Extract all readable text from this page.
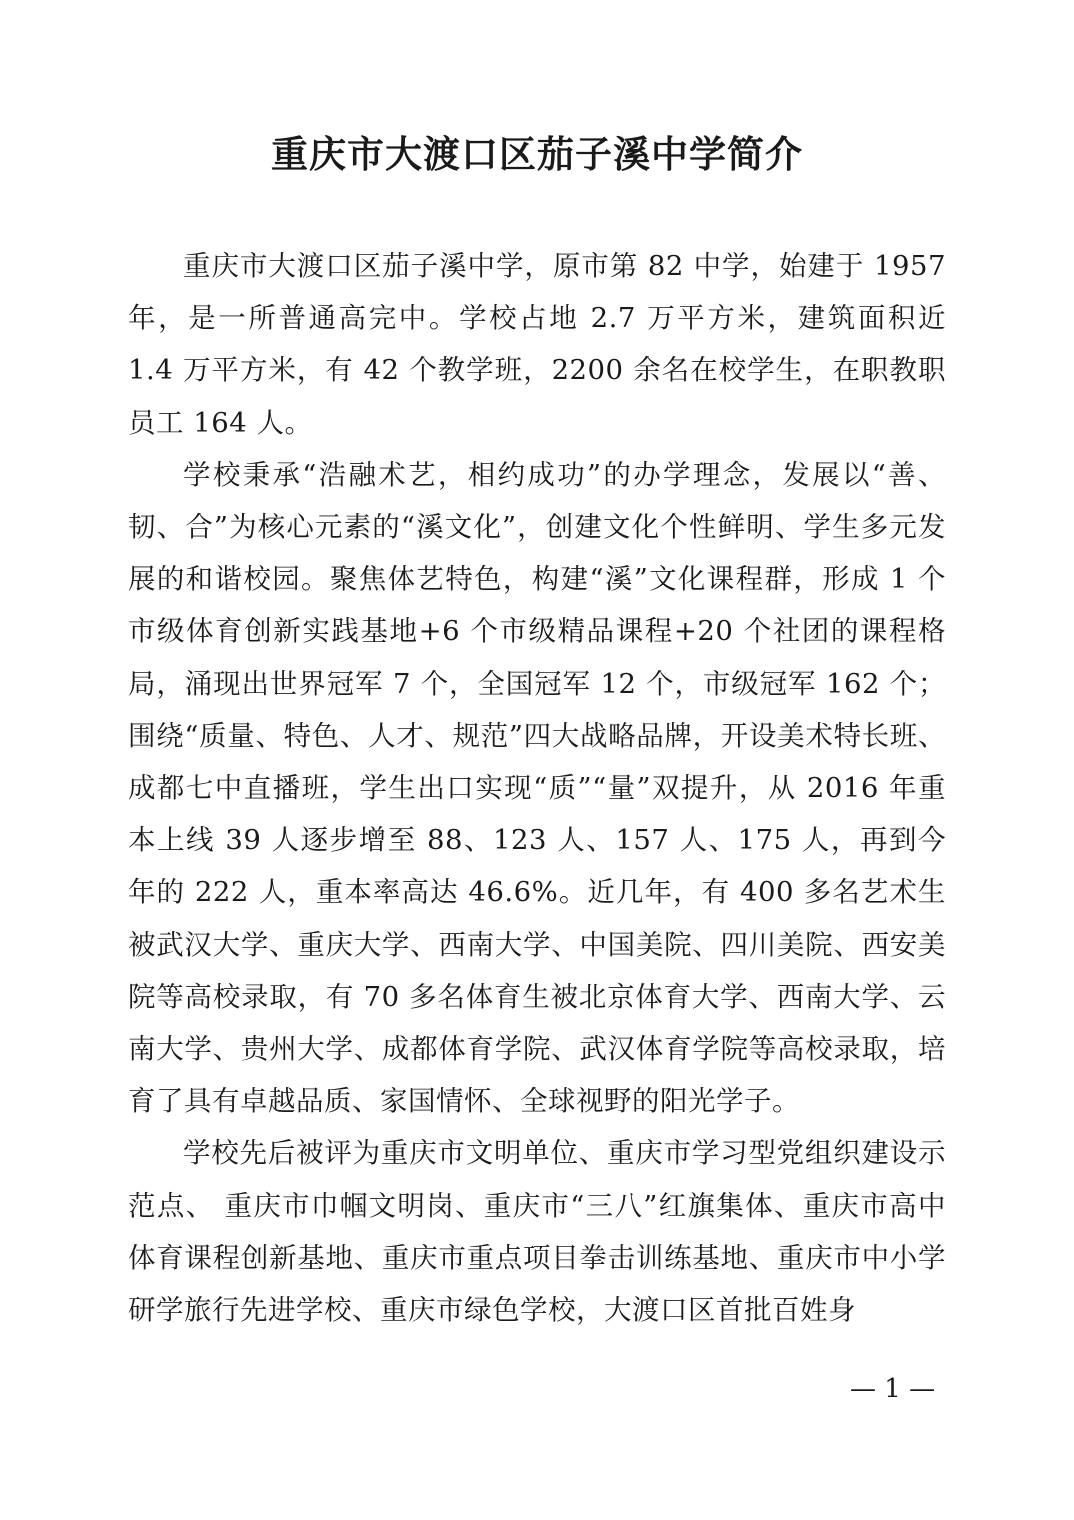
重庆市大渡口区茄子溪中学简介

重庆市大渡口区茄子溪中学，原市第 82 中学，始建于 1957 年，是一所普通高完中。学校占地 2.7 万平方米，建筑面积近 1.4 万平方米，有 42 个教学班，2200 余名在校学生，在职教职员工 164 人。

学校秉承“浩融术艺，相约成功”的办学理念，发展以“善、韧、合”为核心元素的“溪文化”，创建文化个性鲜明、学生多元发展的和谐校园。聚焦体艺特色，构建“溪”文化课程群，形成 1 个市级体育创新实践基地+6 个市级精品课程+20 个社团的课程格局，涌现出世界冠军 7 个，全国冠军 12 个，市级冠军 162 个；围绕“质量、特色、人才、规范”四大战略品牌，开设美术特长班、成都七中直播班，学生出口实现“质”“量”双提升，从 2016 年重本上线 39 人逐步增至 88、123 人、157 人、175 人，再到今年的 222 人，重本率高达 46.6%。近几年，有 400 多名艺术生被武汉大学、重庆大学、西南大学、中国美院、四川美院、西安美院等高校录取，有 70 多名体育生被北京体育大学、西南大学、云南大学、贵州大学、成都体育学院、武汉体育学院等高校录取，培育了具有卓越品质、家国情怀、全球视野的阳光学子。

学校先后被评为重庆市文明单位、重庆市学习型党组织建设示范点、 重庆市巾帼文明岗、重庆市“三八”红旗集体、重庆市高中体育课程创新基地、重庆市重点项目拳击训练基地、重庆市中小学研学旅行先进学校、重庆市绿色学校，大渡口区首批百姓身

— 1 —
